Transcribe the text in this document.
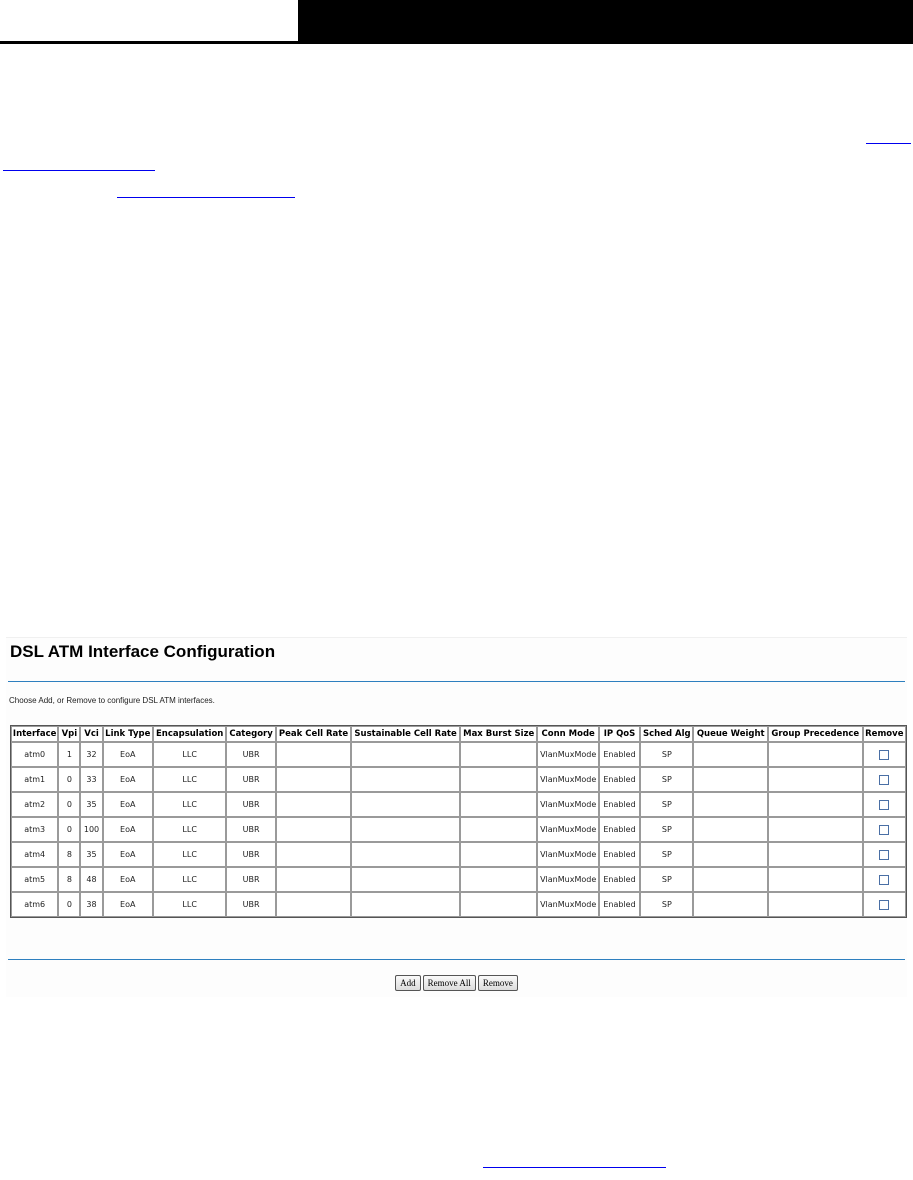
DSL ATM Interface Configuration
Choose Add, or Remove to configure DSL ATM interfaces.
Interface	Vpi	Vci	Link Type	Encapsulation	Category	Peak Cell Rate	Sustainable Cell Rate	Max Burst Size	Conn Mode	IP QoS	Sched Alg	Queue Weight	Group Precedence	Remove
atm0	1	32	EoA	LLC	UBR				VlanMuxMode	Enabled	SP			
atm1	0	33	EoA	LLC	UBR				VlanMuxMode	Enabled	SP			
atm2	0	35	EoA	LLC	UBR				VlanMuxMode	Enabled	SP			
atm3	0	100	EoA	LLC	UBR				VlanMuxMode	Enabled	SP			
atm4	8	35	EoA	LLC	UBR				VlanMuxMode	Enabled	SP			
atm5	8	48	EoA	LLC	UBR				VlanMuxMode	Enabled	SP			
atm6	0	38	EoA	LLC	UBR				VlanMuxMode	Enabled	SP			
Add Remove All Remove
